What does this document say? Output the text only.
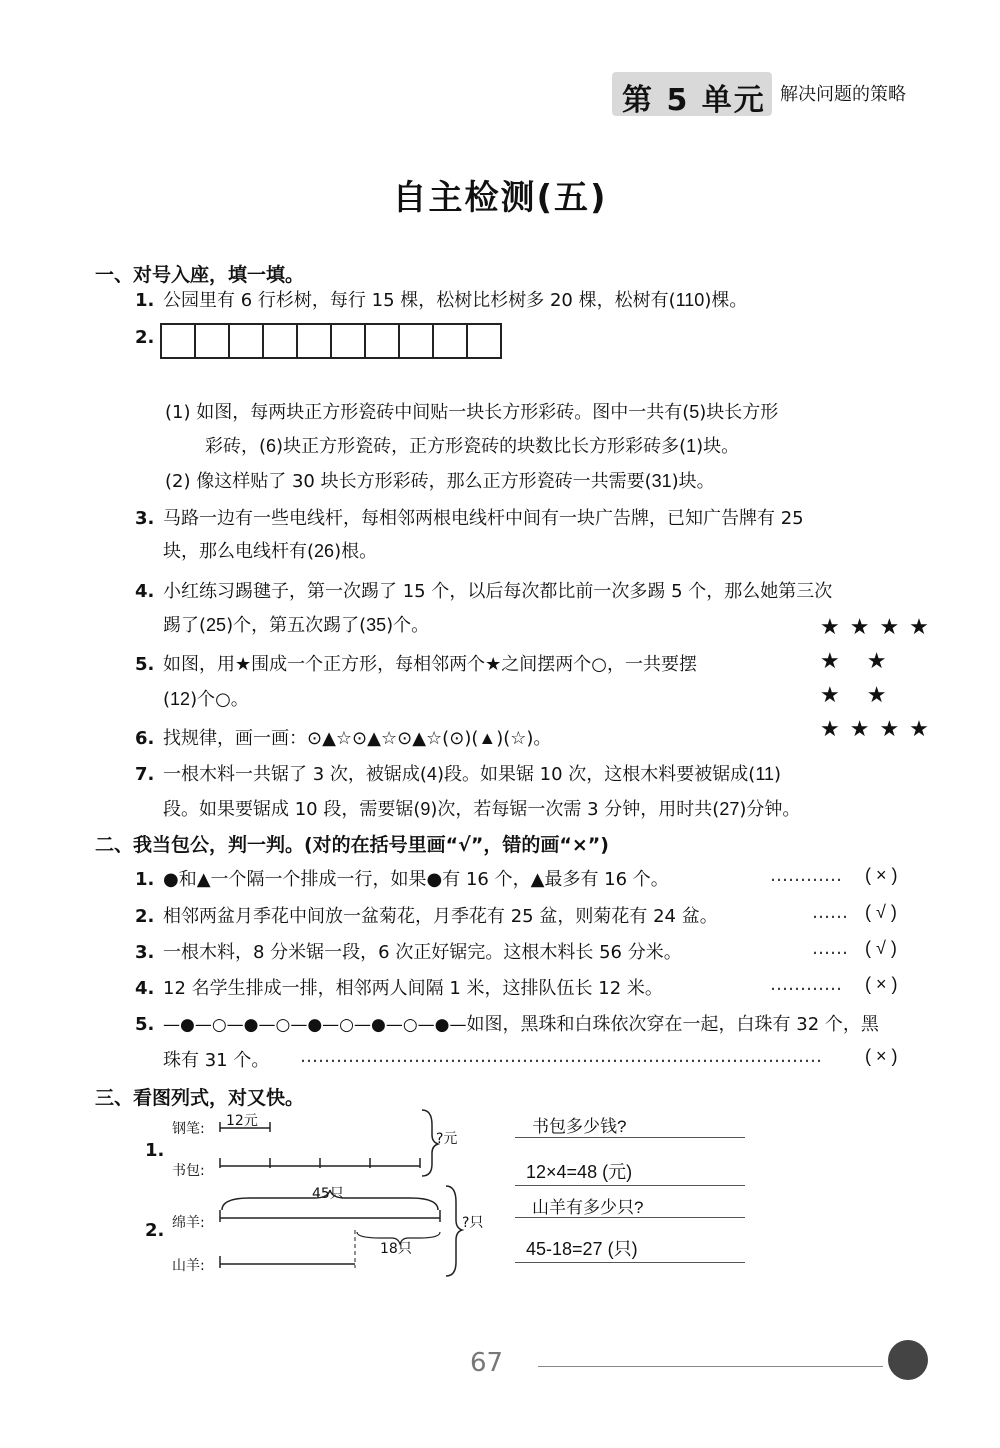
第 5 单元 解决问题的策略
自主检测(五)
一、对号入座，填一填。
1. 公园里有 6 行杉树，每行 15 棵，松树比杉树多 20 棵，松树有(110)棵。
2.
(1) 如图，每两块正方形瓷砖中间贴一块长方形彩砖。图中一共有(5)块长方形
彩砖，(6)块正方形瓷砖，正方形瓷砖的块数比长方形彩砖多(1)块。
(2) 像这样贴了 30 块长方形彩砖，那么正方形瓷砖一共需要(31)块。
3. 马路一边有一些电线杆，每相邻两根电线杆中间有一块广告牌，已知广告牌有 25
块，那么电线杆有(26)根。
4. 小红练习踢毽子，第一次踢了 15 个，以后每次都比前一次多踢 5 个，那么她第三次
踢了(25)个，第五次踢了(35)个。	★★★★
★ ★
★ ★
★★★★
5. 如图，用★围成一个正方形，每相邻两个★之间摆两个○，一共要摆
(12)个○。
6. 找规律，画一画：⊙▲☆⊙▲☆⊙▲☆(⊙)(▲)(☆)。
7. 一根木料一共锯了 3 次，被锯成(4)段。如果锯 10 次，这根木料要被锯成(11)
段。如果要锯成 10 段，需要锯(9)次，若每锯一次需 3 分钟，用时共(27)分钟。
二、我当包公，判一判。(对的在括号里画“√”，错的画“×”)
1. ●和▲一个隔一个排成一行，如果●有 16 个，▲最多有 16 个。	………… ( × )
2. 相邻两盆月季花中间放一盆菊花，月季花有 25 盆，则菊花有 24 盆。	…… ( √ )
3. 一根木料，8 分米锯一段，6 次正好锯完。这根木料长 56 分米。	…… ( √ )
4. 12 名学生排成一排，相邻两人间隔 1 米，这排队伍长 12 米。	………… ( × )
5. —●—○—●—○—●—○—●—○—●—如图，黑珠和白珠依次穿在一起，白珠有 32 个，黑
珠有 31 个。 ……………………………………………………………………………	( × )
三、看图列式，对又快。
1.
钢笔:
书包:
12元
?元
书包多少钱?
12×4=48 (元)
2. 绵羊:
山羊:
45只
18只
?只
山羊有多少只?
45-18=27 (只)
67
